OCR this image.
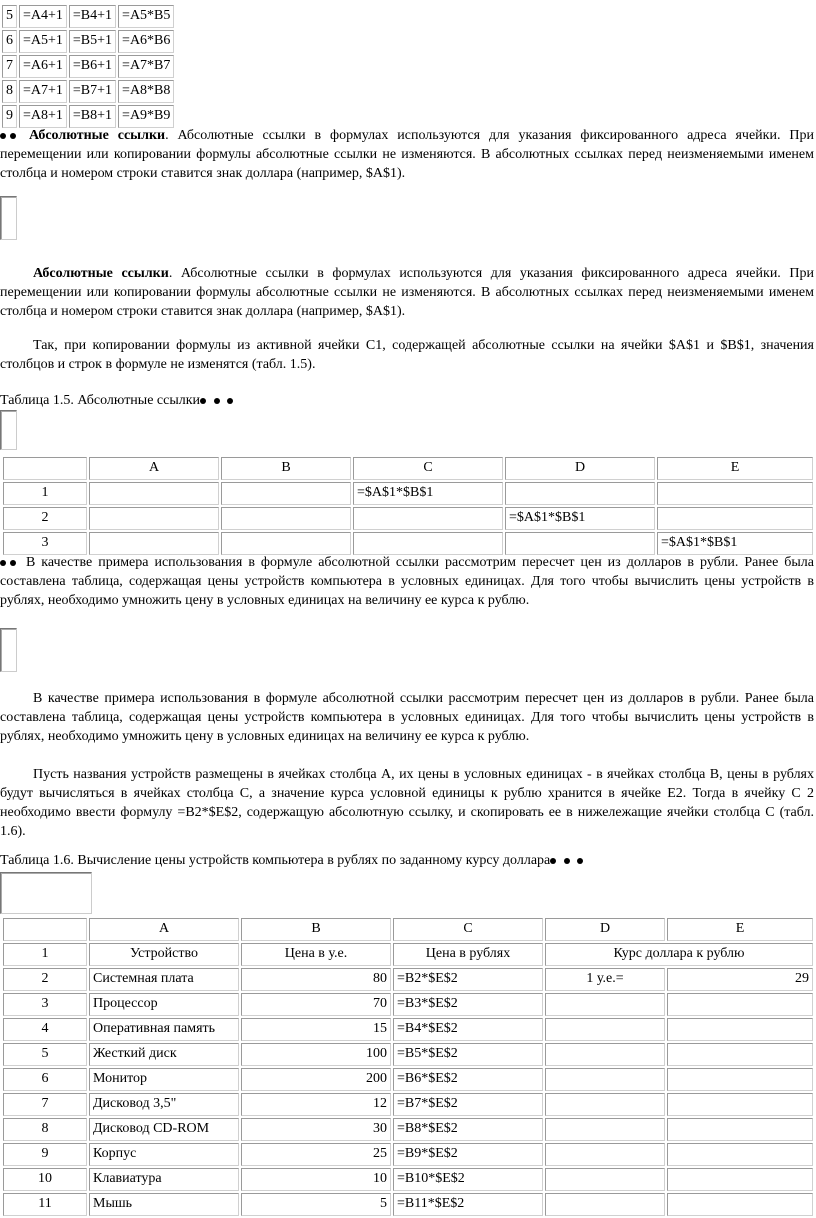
5	=A4+1	=B4+1	=A5*B5
6	=A5+1	=B5+1	=A6*B6
7	=A6+1	=B6+1	=A7*B7
8	=A7+1	=B7+1	=A8*B8
9	=A8+1	=B8+1	=A9*B9
Абсолютные ссылки. Абсолютные ссылки в формулах используются для указания фиксированного адреса ячейки. При перемещении или копировании формулы абсолютные ссылки не изменяются. В абсолютных ссылках перед неизменяемыми именем столбца и номером строки ставится знак доллара (например, $A$1).
Абсолютные ссылки. Абсолютные ссылки в формулах используются для указания фиксированного адреса ячейки. При перемещении или копировании формулы абсолютные ссылки не изменяются. В абсолютных ссылках перед неизменяемыми именем столбца и номером строки ставится знак доллара (например, $A$1).
Так, при копировании формулы из активной ячейки С1, содержащей абсолютные ссылки на ячейки $A$1 и $B$1, значения столбцов и строк в формуле не изменятся (табл. 1.5).
Таблица 1.5. Абсолютные ссылки
	A	B	C	D	E
1			=$A$1*$B$1		
2				=$A$1*$B$1	
3					=$A$1*$B$1
В качестве примера использования в формуле абсолютной ссылки рассмотрим пересчет цен из долларов в рубли. Ранее была составлена таблица, содержащая цены устройств компьютера в условных единицах. Для того чтобы вычислить цены устройств в рублях, необходимо умножить цену в условных единицах на величину ее курса к рублю.
В качестве примера использования в формуле абсолютной ссылки рассмотрим пересчет цен из долларов в рубли. Ранее была составлена таблица, содержащая цены устройств компьютера в условных единицах. Для того чтобы вычислить цены устройств в рублях, необходимо умножить цену в условных единицах на величину ее курса к рублю.
Пусть названия устройств размещены в ячейках столбца А, их цены в условных единицах - в ячейках столбца В, цены в рублях будут вычисляться в ячейках столбца С, а значение курса условной единицы к рублю хранится в ячейке Е2. Тогда в ячейку С 2 необходимо ввести формулу =В2*$Е$2, содержащую абсолютную ссылку, и скопировать ее в нижележащие ячейки столбца С (табл. 1.6).
Таблица 1.6. Вычисление цены устройств компьютера в рублях по заданному курсу доллара
	A	B	C	D	E
1	Устройство	Цена в у.е.	Цена в рублях	Курс доллара к рублю	
2	Системная плата	80	=B2*$E$2	1 у.е.=	29
3	Процессор	70	=B3*$E$2		
4	Оперативная память	15	=B4*$E$2		
5	Жесткий диск	100	=B5*$E$2		
6	Монитор	200	=B6*$E$2		
7	Дисковод 3,5"	12	=B7*$E$2		
8	Дисковод CD-ROM	30	=B8*$E$2		
9	Корпус	25	=B9*$E$2		
10	Клавиатура	10	=B10*$E$2		
11	Мышь	5	=B11*$E$2		
